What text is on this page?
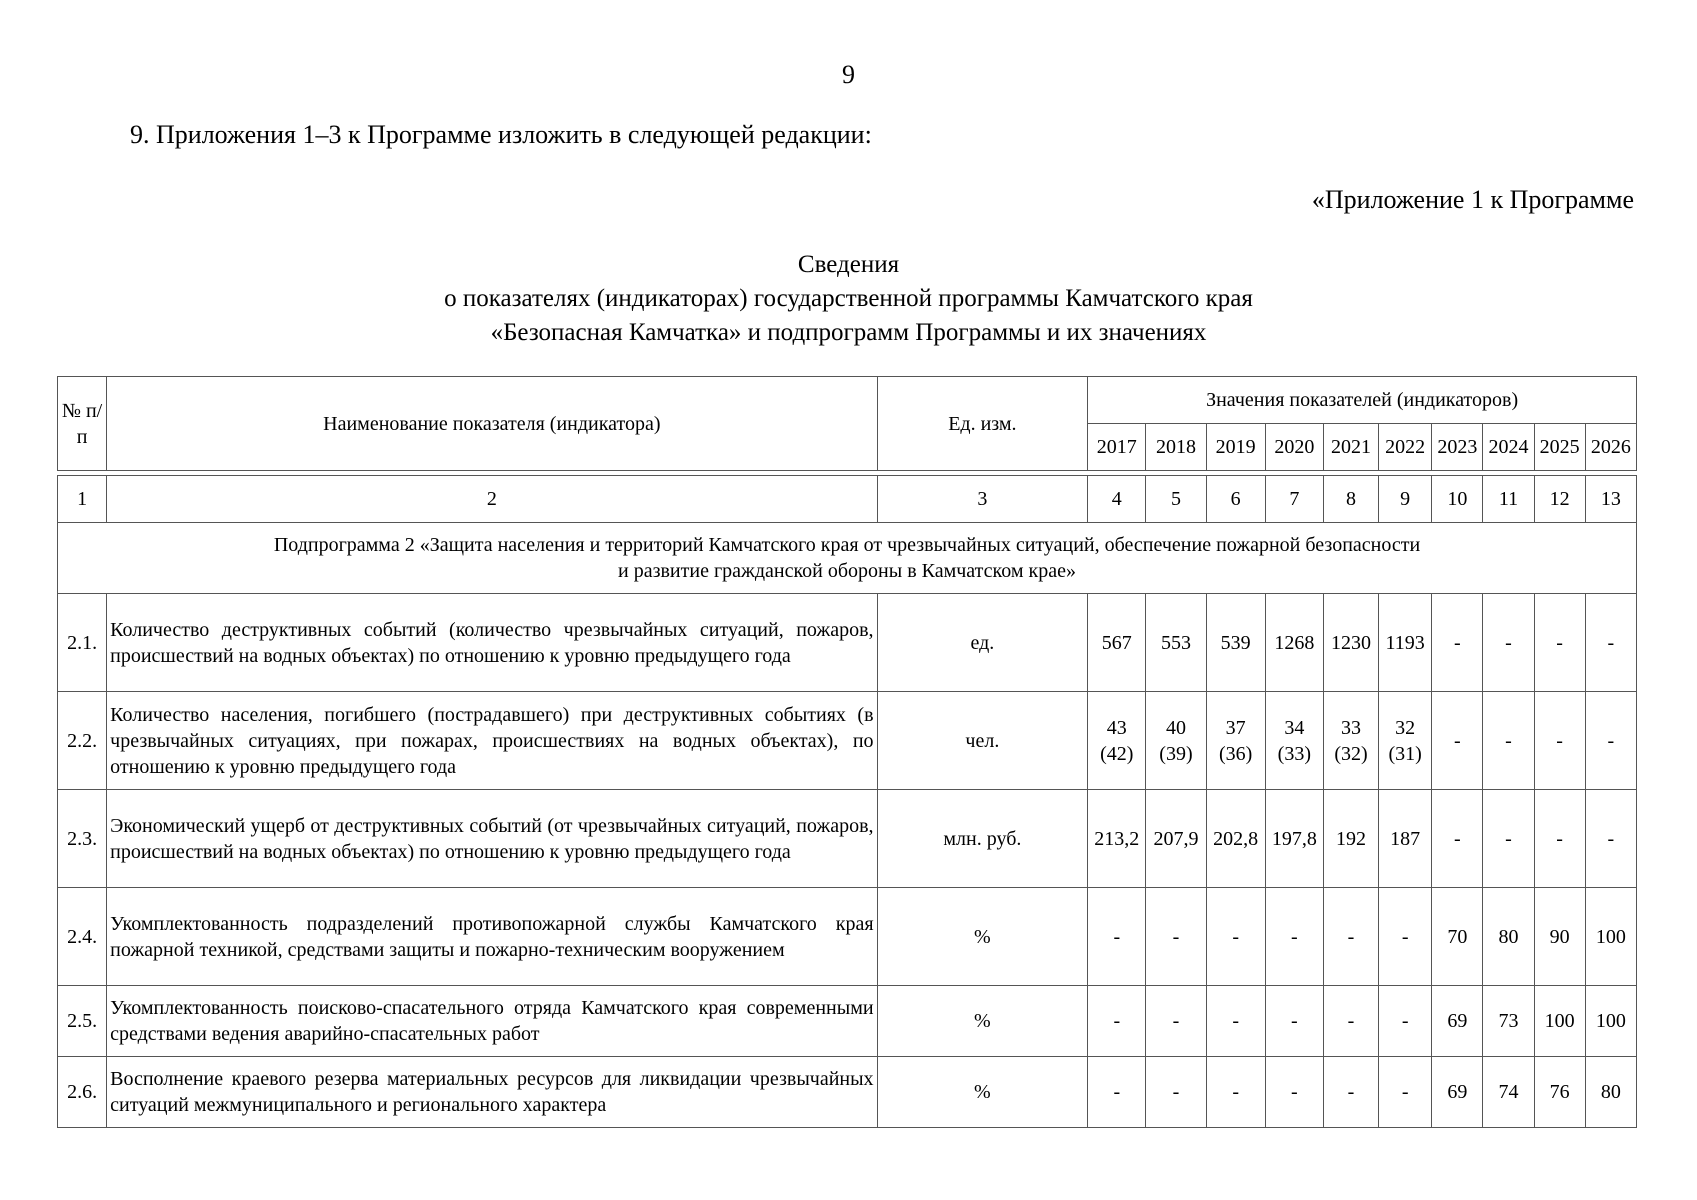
9
9. Приложения 1–3 к Программе изложить в следующей редакции:
«Приложение 1 к Программе
Сведения
о показателях (индикаторах) государственной программы Камчатского края
«Безопасная Камчатка» и подпрограмм Программы и их значениях
№ п/п	Наименование показателя (индикатора)	Ед. изм.	Значения показателей (индикаторов)									
			2017	2018	2019	2020	2021	2022	2023	2024	2025	2026

1	2	3	4	5	6	7	8	9	10	11	12	13

Подпрограмма 2 «Защита населения и территорий Камчатского края от чрезвычайных ситуаций, обеспечение пожарной безопасности
и развитие гражданской обороны в Камчатском крае»												

2.1.	Количество деструктивных событий (количество чрезвычайных ситуаций, пожаров, происшествий на водных объектах) по отношению к уровню предыдущего года	ед.	567	553	539	1268	1230	1193	-	-	-	-
2.2.	Количество населения, погибшего (пострадавшего) при деструктивных событиях (в чрезвычайных ситуациях, при пожарах, происшествиях на водных объектах), по отношению к уровню предыдущего года	чел.	43 (42)	40 (39)	37 (36)	34 (33)	33 (32)	32 (31)	-	-	-	-
2.3.	Экономический ущерб от деструктивных событий (от чрезвычайных ситуаций, пожаров, происшествий на водных объектах) по отношению к уровню предыдущего года	млн. руб.	213,2	207,9	202,8	197,8	192	187	-	-	-	-
2.4.	Укомплектованность подразделений противопожарной службы Камчатского края пожарной техникой, средствами защиты и пожарно-техническим вооружением	%	-	-	-	-	-	-	70	80	90	100
2.5.	Укомплектованность поисково-спасательного отряда Камчатского края современными средствами ведения аварийно-спасательных работ	%	-	-	-	-	-	-	69	73	100	100
2.6.	Восполнение краевого резерва материальных ресурсов для ликвидации чрезвычайных ситуаций межмуниципального и регионального характера	%	-	-	-	-	-	-	69	74	76	80
